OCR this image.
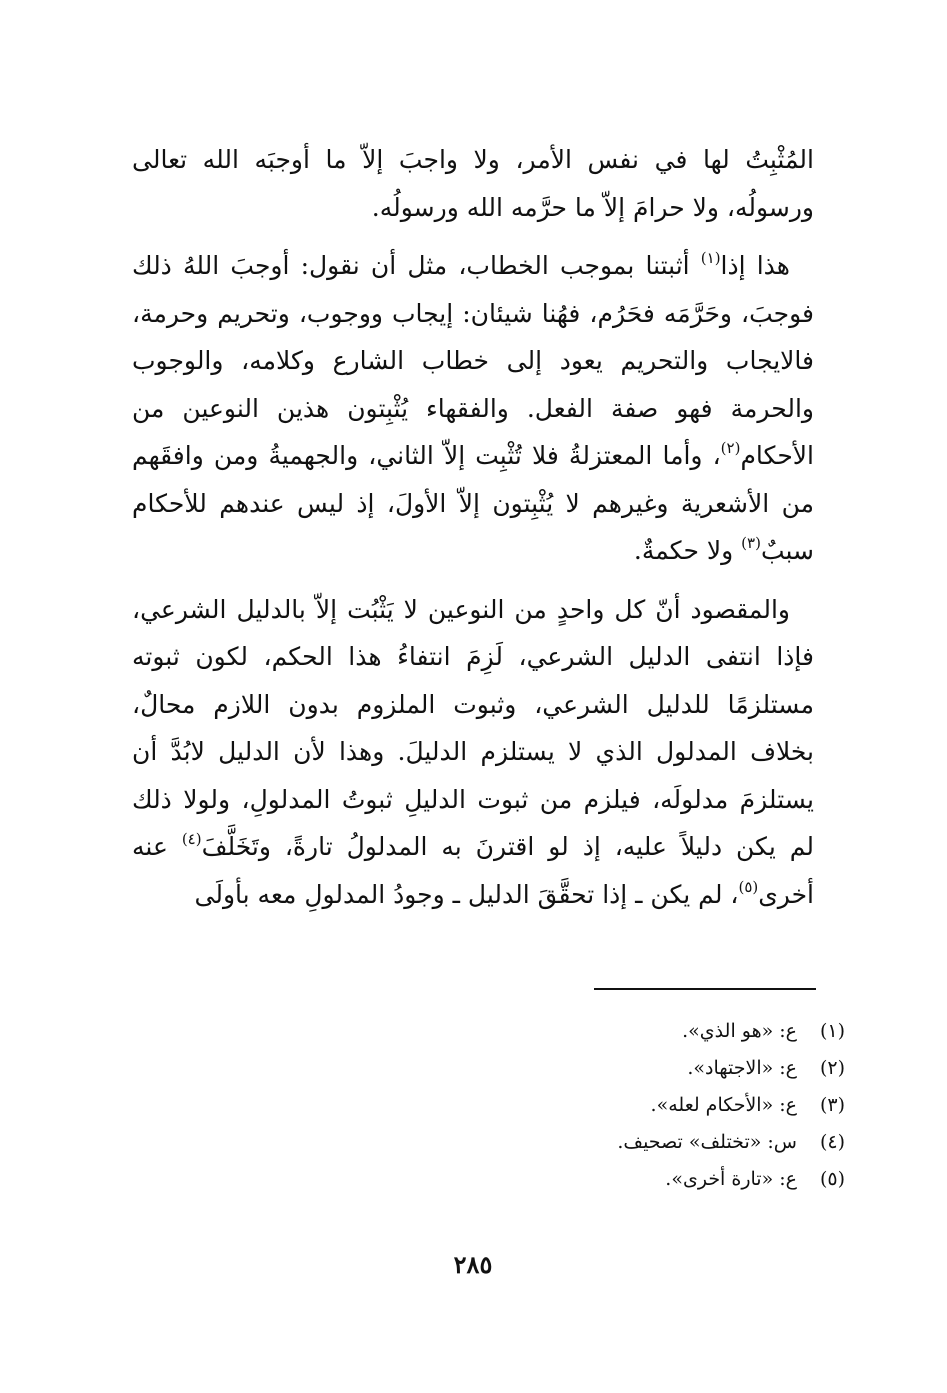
المُثْبِتُ لها في نفس الأمر، ولا واجبَ إلاّ ما أوجبَه الله تعالى ورسولُه، ولا حرامَ إلاّ ما حرَّمه الله ورسولُه.

هذا إذا$^{(١)}$ أثبتنا بموجب الخطاب، مثل أن نقول: أوجبَ اللهُ ذلك فوجبَ، وحَرَّمَه فحَرُم، فهُنا شيئان: إيجاب ووجوب، وتحريم وحرمة، فالايجاب والتحريم يعود إلى خطاب الشارع وكلامه، والوجوب والحرمة فهو صفة الفعل. والفقهاء يُثْبِتون هذين النوعين من الأحكام$^{(٢)}$، وأما المعتزلةُ فلا تُثْبِت إلاّ الثاني، والجهميةُ ومن وافقَهم من الأشعرية وغيرهم لا يُثْبِتون إلاّ الأولَ، إذ ليس عندهم للأحكام سببٌ$^{(٣)}$ ولا حكمةٌ.

والمقصود أنّ كل واحدٍ من النوعين لا يَثْبُت إلاّ بالدليل الشرعي، فإذا انتفى الدليل الشرعي، لَزِمَ انتفاءُ هذا الحكم، لكون ثبوته مستلزمًا للدليل الشرعي، وثبوت الملزوم بدون اللازم محالٌ، بخلاف المدلول الذي لا يستلزم الدليلَ. وهذا لأن الدليل لابُدَّ أن يستلزمَ مدلولَه، فيلزم من ثبوت الدليلِ ثبوتُ المدلولِ، ولولا ذلك لم يكن دليلاً عليه، إذ لو اقترنَ به المدلولُ تارةً، وتَخَلَّفَ$^{(٤)}$ عنه أخرى$^{(٥)}$، لم يكن ـ إذا تحقَّقَ الدليل ـ وجودُ المدلولِ معه بأولَى

(١)ع: «هو الذي».
(٢)ع: «الاجتهاد».
(٣)ع: «الأحكام لعله».
(٤)س: «تختلف» تصحيف.
(٥)ع: «تارة أخرى».
٢٨٥
